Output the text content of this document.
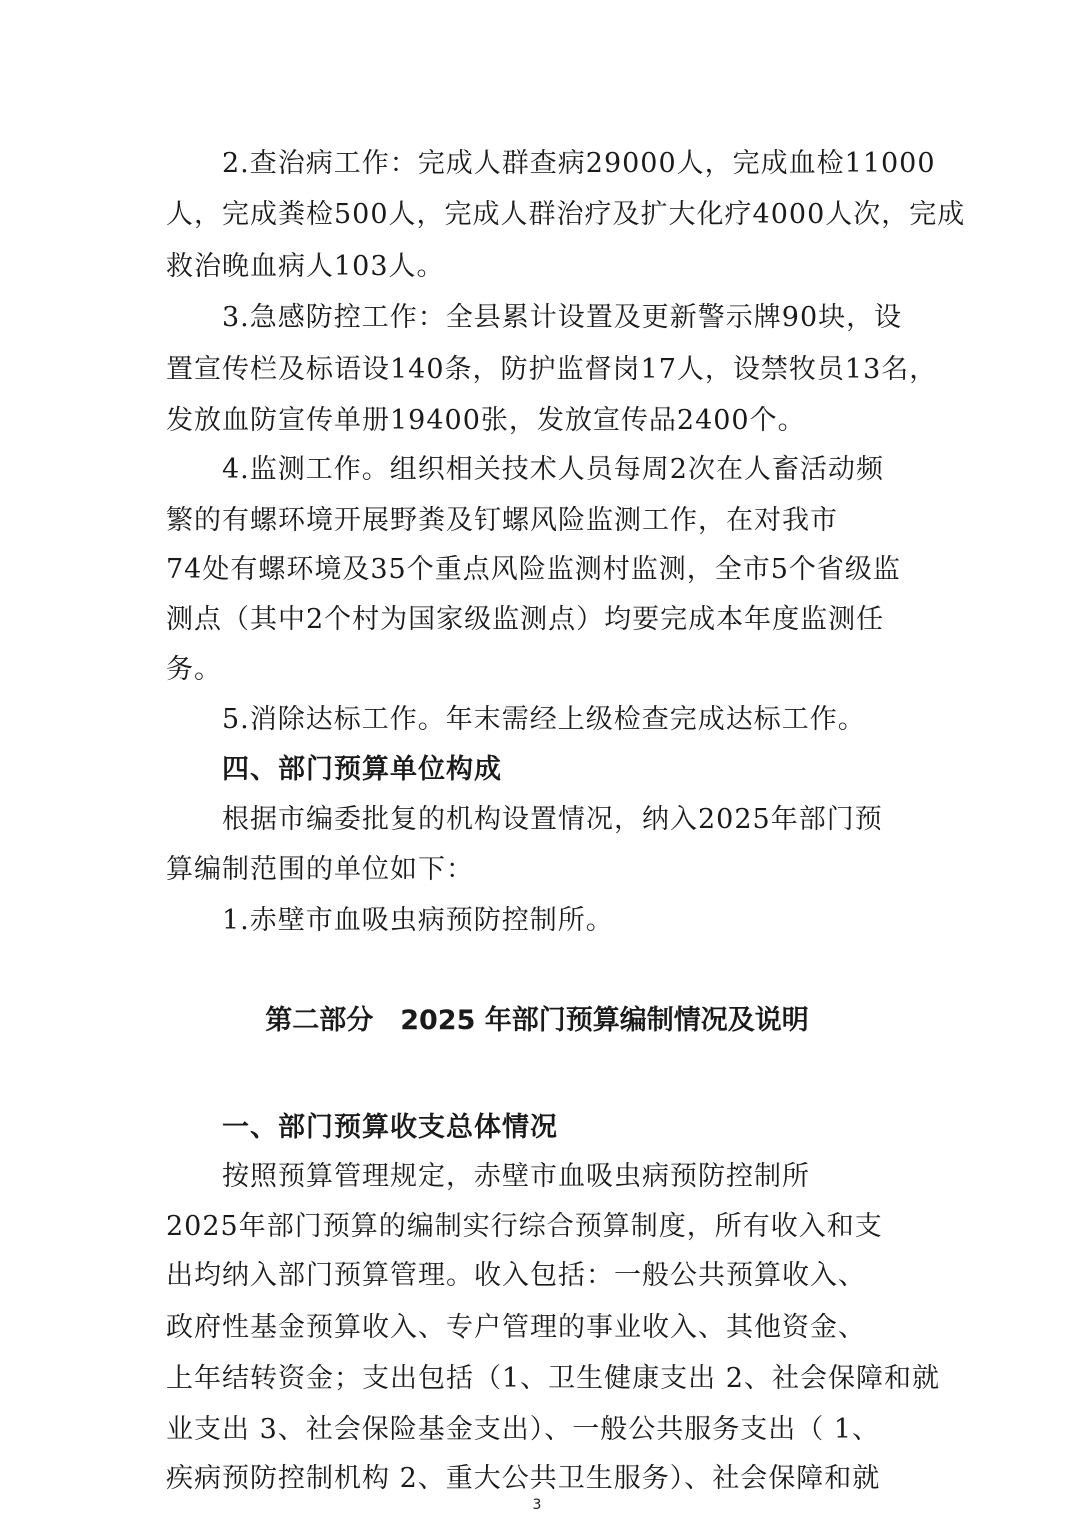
2.查治病工作：完成人群查病29000人，完成血检11000
人，完成粪检500人，完成人群治疗及扩大化疗4000人次，完成
救治晚血病人103人。
3.急感防控工作：全县累计设置及更新警示牌90块，设
置宣传栏及标语设140条，防护监督岗17人，设禁牧员13名，
发放血防宣传单册19400张，发放宣传品2400个。
4.监测工作。组织相关技术人员每周2次在人畜活动频
繁的有螺环境开展野粪及钉螺风险监测工作，在对我市
74处有螺环境及35个重点风险监测村监测，全市5个省级监
测点（其中2个村为国家级监测点）均要完成本年度监测任
务。
5.消除达标工作。年末需经上级检查完成达标工作。
四、部门预算单位构成
根据市编委批复的机构设置情况，纳入2025年部门预
算编制范围的单位如下：
1.赤壁市血吸虫病预防控制所。
第二部分　2025 年部门预算编制情况及说明
一、部门预算收支总体情况
按照预算管理规定，赤壁市血吸虫病预防控制所
2025年部门预算的编制实行综合预算制度，所有收入和支
出均纳入部门预算管理。收入包括：一般公共预算收入、
政府性基金预算收入、专户管理的事业收入、其他资金、
上年结转资金；支出包括（1、卫生健康支出 2、社会保障和就
业支出 3、社会保险基金支出）、一般公共服务支出（ 1、
疾病预防控制机构 2、重大公共卫生服务）、社会保障和就
3
